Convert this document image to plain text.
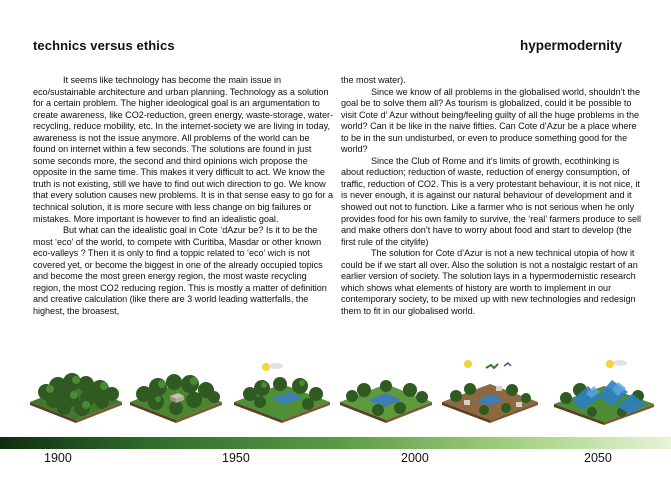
technics versus ethics	hypermodernity

It seems like technology has become the main issue in eco/sustainable architecture and urban planning. Technology as a solution for a certain problem. The higher ideological goal is an argumentation to create awareness, like CO2-reduction, green energy, waste-storage, water-recycling, reduce mobility, etc. In the internet-society we are living in today, awareness is not the issue anymore. All problems of the world can be found on internet within a few seconds. The solutions are found in just some seconds more, the second and third opinions wich propose the opposite in the same time. This makes it very difficult to act. We know the truth is not existing, still we have to find out wich direction to go. We know that every solution causes new problems. It is in that sense easy to go for a technical solution, it is more secure with less change on big failures or mistakes. More important is however to find an idealistic goal.

But what can the idealistic goal in Cote ‘dAzur be? Is it to be the most ‘eco’ of the world, to compete with Curitiba, Masdar or other known eco-valleys ? Then it is only to find a toppic related to ‘eco’ wich is not covered yet, or become the biggest in one of the already occupied topics and become the most green energy region, the most waste recycling region, the most CO2 reducing region. This is mostly a matter of definition and creative calculation (like there are 3 world leading watterfalls, the highest, the broasest,

the most water).

Since we know of all problems in the globalised world, shouldn’t the goal be to solve them all? As tourism is globalized, could it be possible to visit Cote d’ Azur without being/feeling guilty of all the huge problems in the world? Can it be like in the naive fifties. Can Cote d’Azur be a place where to be in the sun undisturbed, or even to produce something good for the world?

Since the Club of Rome and it’s limits of growth, ecothinking is about reduction; reduction of waste, reduction of energy consumption, of traffic, reduction of CO2. This is a very protestant behaviour, it is not nice, it is never enough, it is against our natural behaviour of development and it showed out not to function. Like a farmer who is not serious when he only provides food for his own family to survive, the ‘real’ farmers produce to sell and make others don’t have to worry about food and start to develop (the first rule of the citylife)

The solution for Cote d’Azur is not a new technical utopia of how it could be if we start all over. Also the solution is not a nostalgic restart of an earlier version of society. The solution lays in a hypermodernistic research which shows what elements of history are worth to implement in our contemporary society, to be mixed up with new technologies and redesign them to fit in our globalised world.

1900	1950	2000	2050
